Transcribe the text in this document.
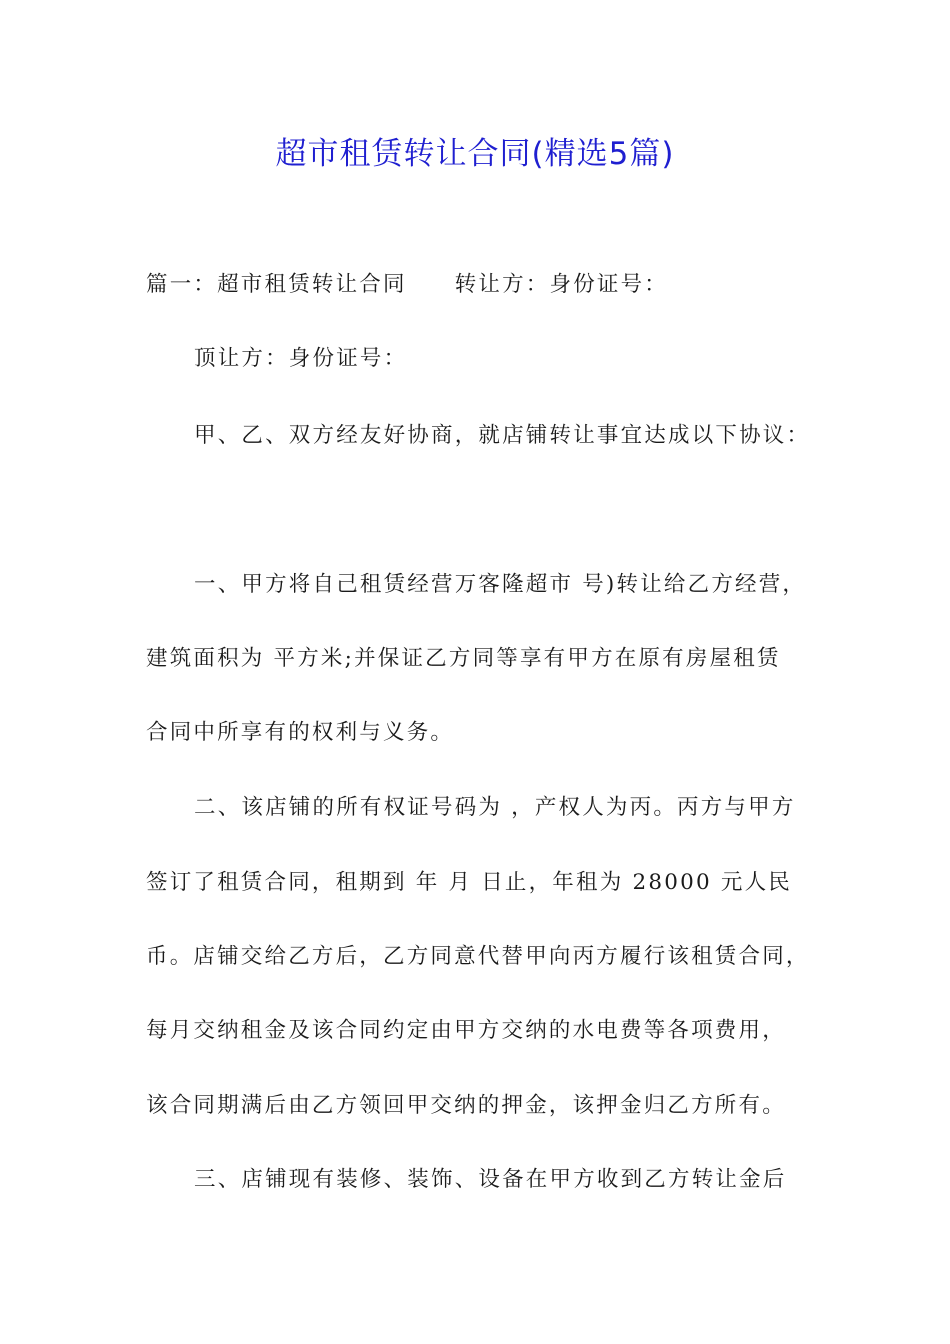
超市租赁转让合同(精选5篇)

篇一：超市租赁转让合同 转让方：身份证号：

顶让方：身份证号：

甲、乙、双方经友好协商，就店铺转让事宜达成以下协议：

一、甲方将自己租赁经营万客隆超市 号)转让给乙方经营，

建筑面积为 平方米;并保证乙方同等享有甲方在原有房屋租赁

合同中所享有的权利与义务。

二、该店铺的所有权证号码为 ，产权人为丙。丙方与甲方

签订了租赁合同，租期到 年 月 日止，年租为 28000 元人民

币。店铺交给乙方后，乙方同意代替甲向丙方履行该租赁合同，

每月交纳租金及该合同约定由甲方交纳的水电费等各项费用，

该合同期满后由乙方领回甲交纳的押金，该押金归乙方所有。

三、店铺现有装修、装饰、设备在甲方收到乙方转让金后
